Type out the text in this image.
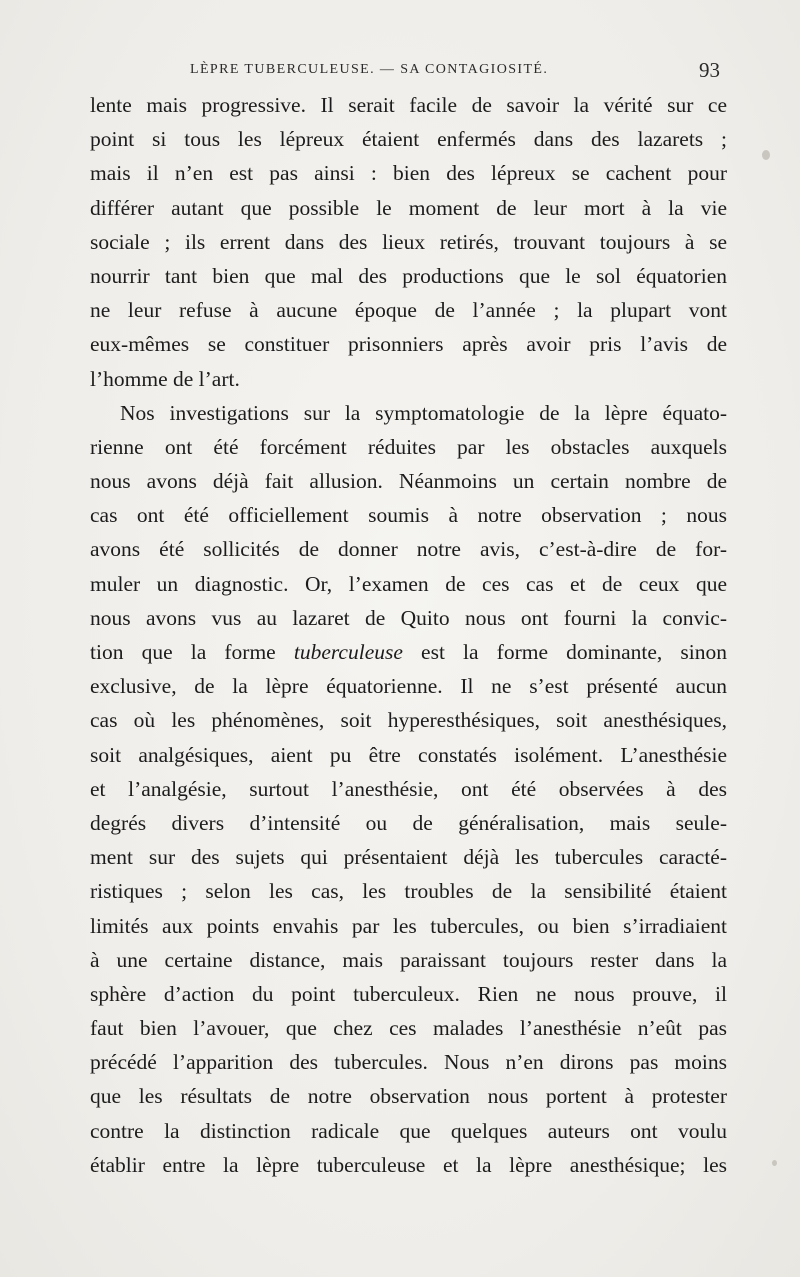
LÈPRE TUBERCULEUSE. — SA CONTAGIOSITÉ.	93
lente mais progressive. Il serait facile de savoir la vérité sur ce
point si tous les lépreux étaient enfermés dans des lazarets ;
mais il n’en est pas ainsi : bien des lépreux se cachent pour
différer autant que possible le moment de leur mort à la vie
sociale ; ils errent dans des lieux retirés, trouvant toujours à se
nourrir tant bien que mal des productions que le sol équatorien
ne leur refuse à aucune époque de l’année ; la plupart vont
eux-mêmes se constituer prisonniers après avoir pris l’avis de
l’homme de l’art.
Nos investigations sur la symptomatologie de la lèpre équato-
rienne ont été forcément réduites par les obstacles auxquels
nous avons déjà fait allusion. Néanmoins un certain nombre de
cas ont été officiellement soumis à notre observation ; nous
avons été sollicités de donner notre avis, c’est-à-dire de for-
muler un diagnostic. Or, l’examen de ces cas et de ceux que
nous avons vus au lazaret de Quito nous ont fourni la convic-
tion que la forme tuberculeuse est la forme dominante, sinon
exclusive, de la lèpre équatorienne. Il ne s’est présenté aucun
cas où les phénomènes, soit hyperesthésiques, soit anesthésiques,
soit analgésiques, aient pu être constatés isolément. L’anesthésie
et l’analgésie, surtout l’anesthésie, ont été observées à des
degrés divers d’intensité ou de généralisation, mais seule-
ment sur des sujets qui présentaient déjà les tubercules caracté-
ristiques ; selon les cas, les troubles de la sensibilité étaient
limités aux points envahis par les tubercules, ou bien s’irradiaient
à une certaine distance, mais paraissant toujours rester dans la
sphère d’action du point tuberculeux. Rien ne nous prouve, il
faut bien l’avouer, que chez ces malades l’anesthésie n’eût pas
précédé l’apparition des tubercules. Nous n’en dirons pas moins
que les résultats de notre observation nous portent à protester
contre la distinction radicale que quelques auteurs ont voulu
établir entre la lèpre tuberculeuse et la lèpre anesthésique; les
